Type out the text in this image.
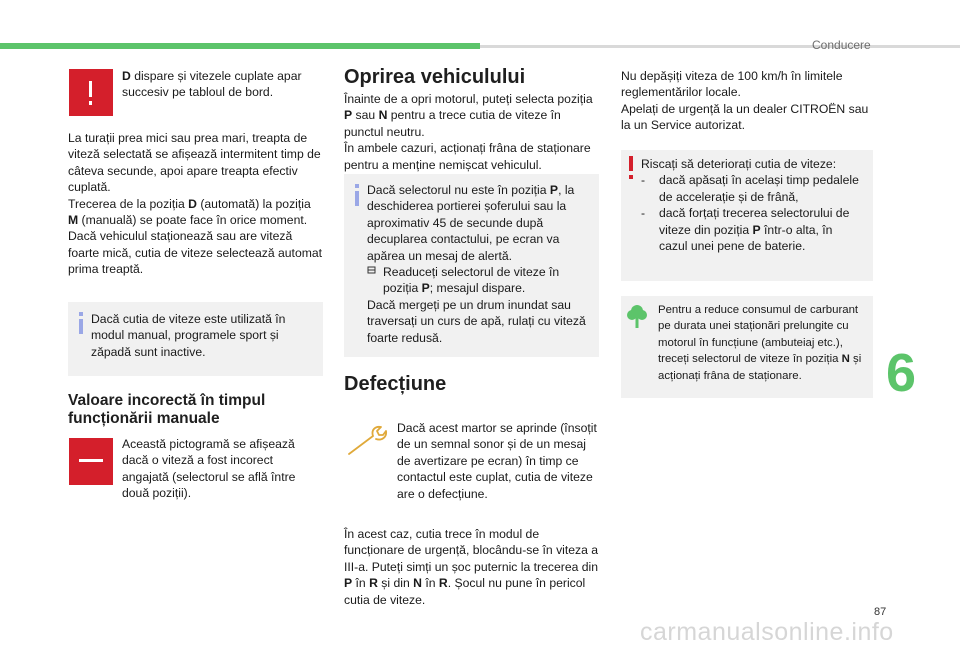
Conducere
6
D dispare și vitezele cuplate apar succesiv pe tabloul de bord.
La turații prea mici sau prea mari, treapta de viteză selectată se afișează intermitent timp de câteva secunde, apoi apare treapta efectiv cuplată.
Trecerea de la poziția D (automată) la poziția M (manuală) se poate face în orice moment.
Dacă vehiculul staționează sau are viteză foarte mică, cutia de viteze selectează automat prima treaptă.
Dacă cutia de viteze este utilizată în modul manual, programele sport și zăpadă sunt inactive.
Valoare incorectă în timpul funcționării manuale
Această pictogramă se afișează dacă o viteză a fost incorect angajată (selectorul se află între două poziții).
Oprirea vehiculului
Înainte de a opri motorul, puteți selecta poziția P sau N pentru a trece cutia de viteze în punctul neutru.
În ambele cazuri, acționați frâna de staționare pentru a menține nemișcat vehiculul.
Dacă selectorul nu este în poziția P, la deschiderea portierei șoferului sau la aproximativ 45 de secunde după decuplarea contactului, pe ecran va apărea un mesaj de alertă.
Readuceți selectorul de viteze în poziția P; mesajul dispare.
Dacă mergeți pe un drum inundat sau traversați un curs de apă, rulați cu viteză foarte redusă.
Defecțiune
Dacă acest martor se aprinde (însoțit de un semnal sonor și de un mesaj de avertizare pe ecran) în timp ce contactul este cuplat, cutia de viteze are o defecțiune.
În acest caz, cutia trece în modul de funcționare de urgență, blocându-se în viteza a III-a. Puteți simți un șoc puternic la trecerea din P în R și din N în R. Șocul nu pune în pericol cutia de viteze.
Nu depășiți viteza de 100 km/h în limitele reglementărilor locale.
Apelați de urgență la un dealer CITROËN sau la un Service autorizat.
Riscați să deteriorați cutia de viteze:
- dacă apăsați în același timp pedalele de accelerație și de frână,
- dacă forțați trecerea selectorului de viteze din poziția P într-o alta, în cazul unei pene de baterie.
Pentru a reduce consumul de carburant pe durata unei staționări prelungite cu motorul în funcțiune (ambuteiaj etc.), treceți selectorul de viteze în poziția N și acționați frâna de staționare.
87
carmanualsonline.info
